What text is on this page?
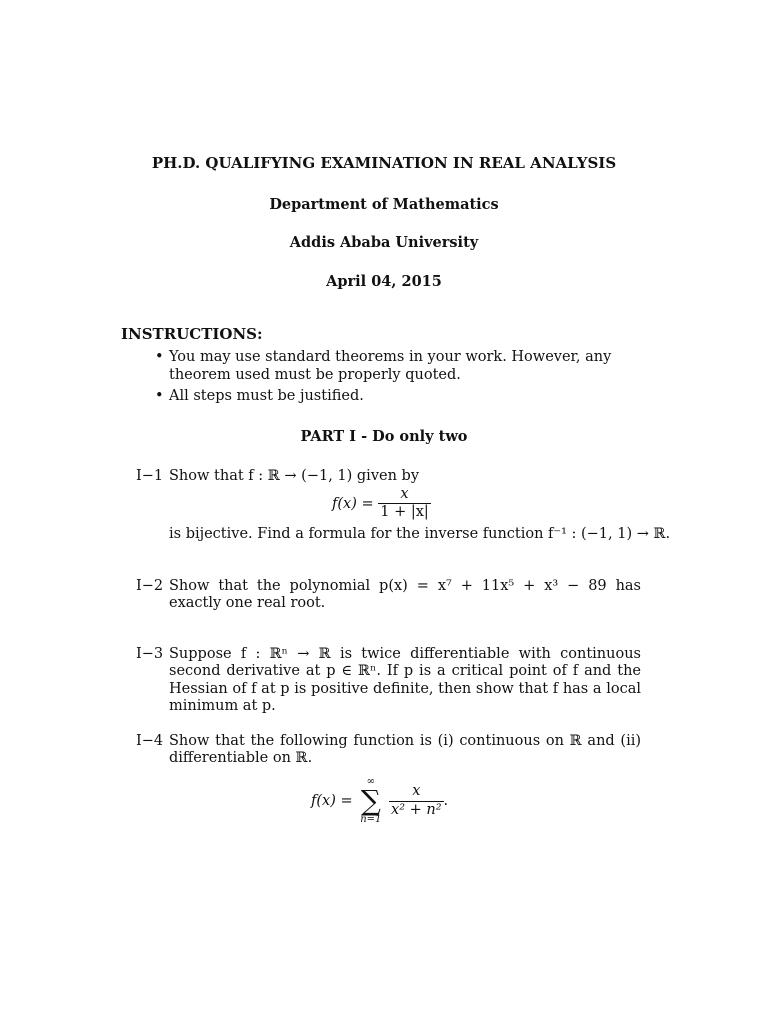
PH.D. QUALIFYING EXAMINATION IN REAL ANALYSIS
Department of Mathematics
Addis Ababa University
April 04, 2015
INSTRUCTIONS:
• You may use standard theorems in your work. However, any theorem used must be properly quoted.
• All steps must be justified.
PART I - Do only two
I−1 Show that f : ℝ → (−1, 1) given by
$f(x) = \frac{x}{1 + |x|}$
is bijective. Find a formula for the inverse function f⁻¹ : (−1, 1) → ℝ.
I−2 Show that the polynomial p(x) = x⁷ + 11x⁵ + x³ − 89 has exactly one real root.
I−3 Suppose f : ℝⁿ → ℝ is twice differentiable with continuous second derivative at p ∈ ℝⁿ. If p is a critical point of f and the Hessian of f at p is positive definite, then show that f has a local minimum at p.
I−4 Show that the following function is (i) continuous on ℝ and (ii) differentiable on ℝ.
f(x) =
∞
∑
n=1

$\frac{x}{\text{x² + n²}}$ .
